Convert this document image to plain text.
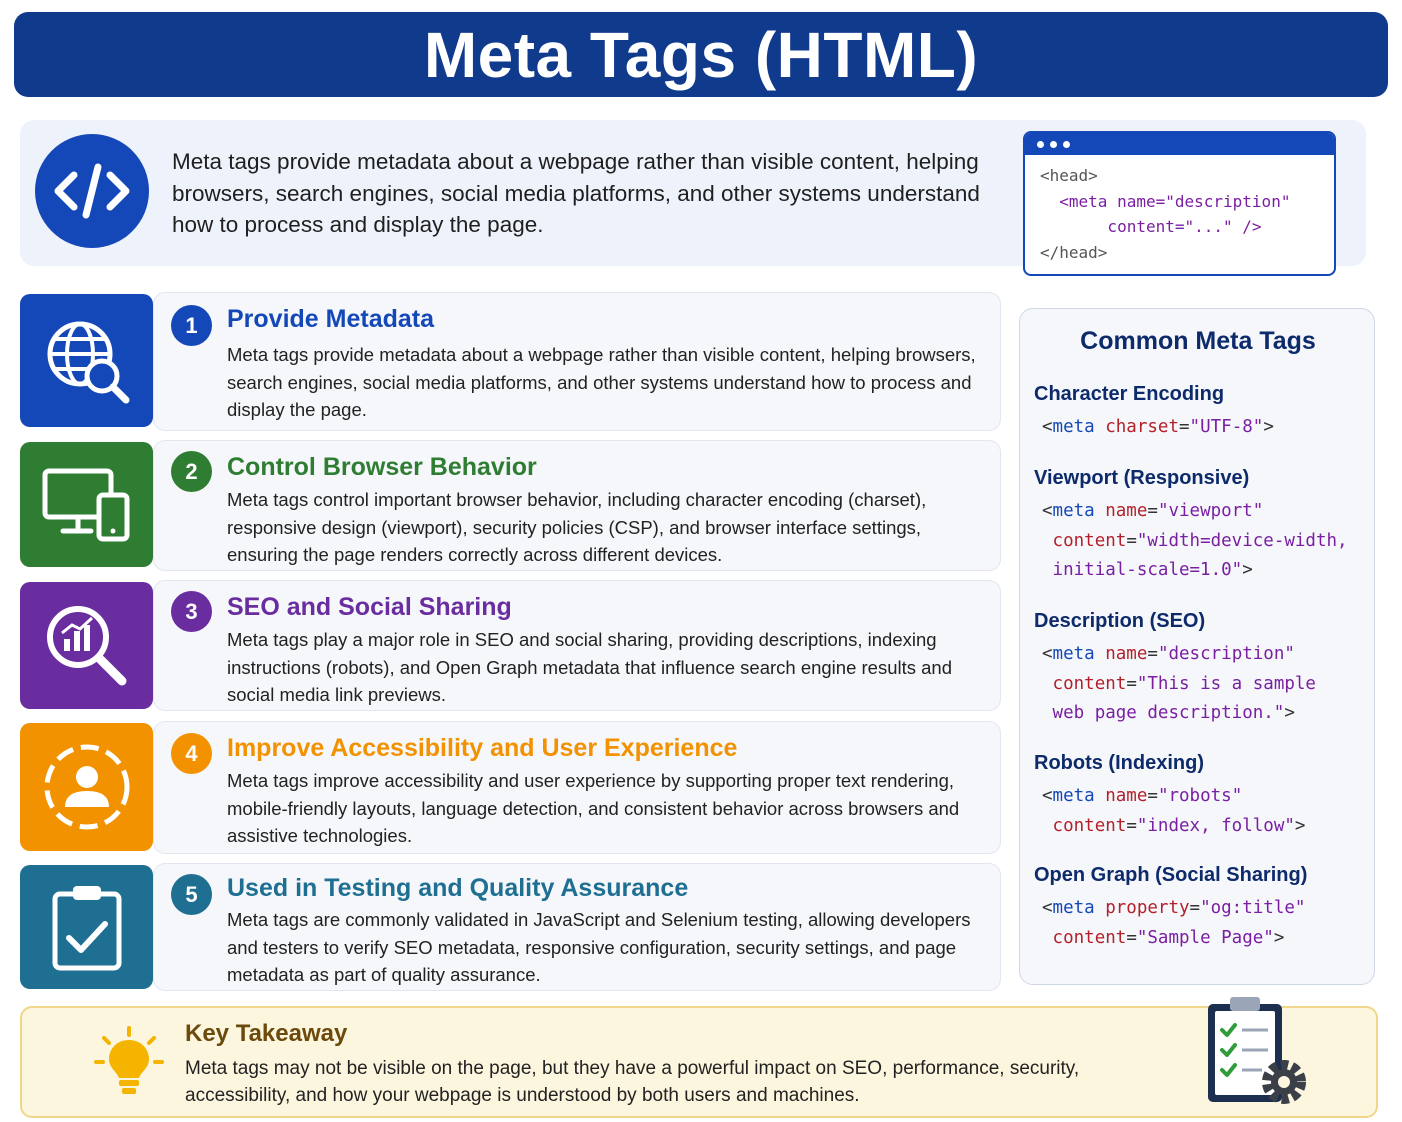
Meta Tags (HTML)
Meta tags provide metadata about a webpage rather than visible content, helping browsers, search engines, social media platforms, and other systems understand how to process and display the page.
<head>
<meta name="description"
content="..." />
</head>
1	Provide Metadata
Meta tags provide metadata about a webpage rather than visible content, helping browsers, search engines, social media platforms, and other systems understand how to process and display the page.
2	Control Browser Behavior
Meta tags control important browser behavior, including character encoding (charset), responsive design (viewport), security policies (CSP), and browser interface settings, ensuring the page renders correctly across different devices.
3	SEO and Social Sharing
Meta tags play a major role in SEO and social sharing, providing descriptions, indexing instructions (robots), and Open Graph metadata that influence search engine results and social media link previews.
4	Improve Accessibility and User Experience
Meta tags improve accessibility and user experience by supporting proper text rendering, mobile-friendly layouts, language detection, and consistent behavior across browsers and assistive technologies.
5	Used in Testing and Quality Assurance
Meta tags are commonly validated in JavaScript and Selenium testing, allowing developers and testers to verify SEO metadata, responsive configuration, security settings, and page metadata as part of quality assurance.
Common Meta Tags
Character Encoding
<meta charset="UTF-8">
Viewport (Responsive)
<meta name="viewport"
content="width=device-width,
initial-scale=1.0">
Description (SEO)
<meta name="description"
content="This is a sample
web page description.">
Robots (Indexing)
<meta name="robots"
content="index, follow">
Open Graph (Social Sharing)
<meta property="og:title"
content="Sample Page">
Key Takeaway
Meta tags may not be visible on the page, but they have a powerful impact on SEO, performance, security, accessibility, and how your webpage is understood by both users and machines.
